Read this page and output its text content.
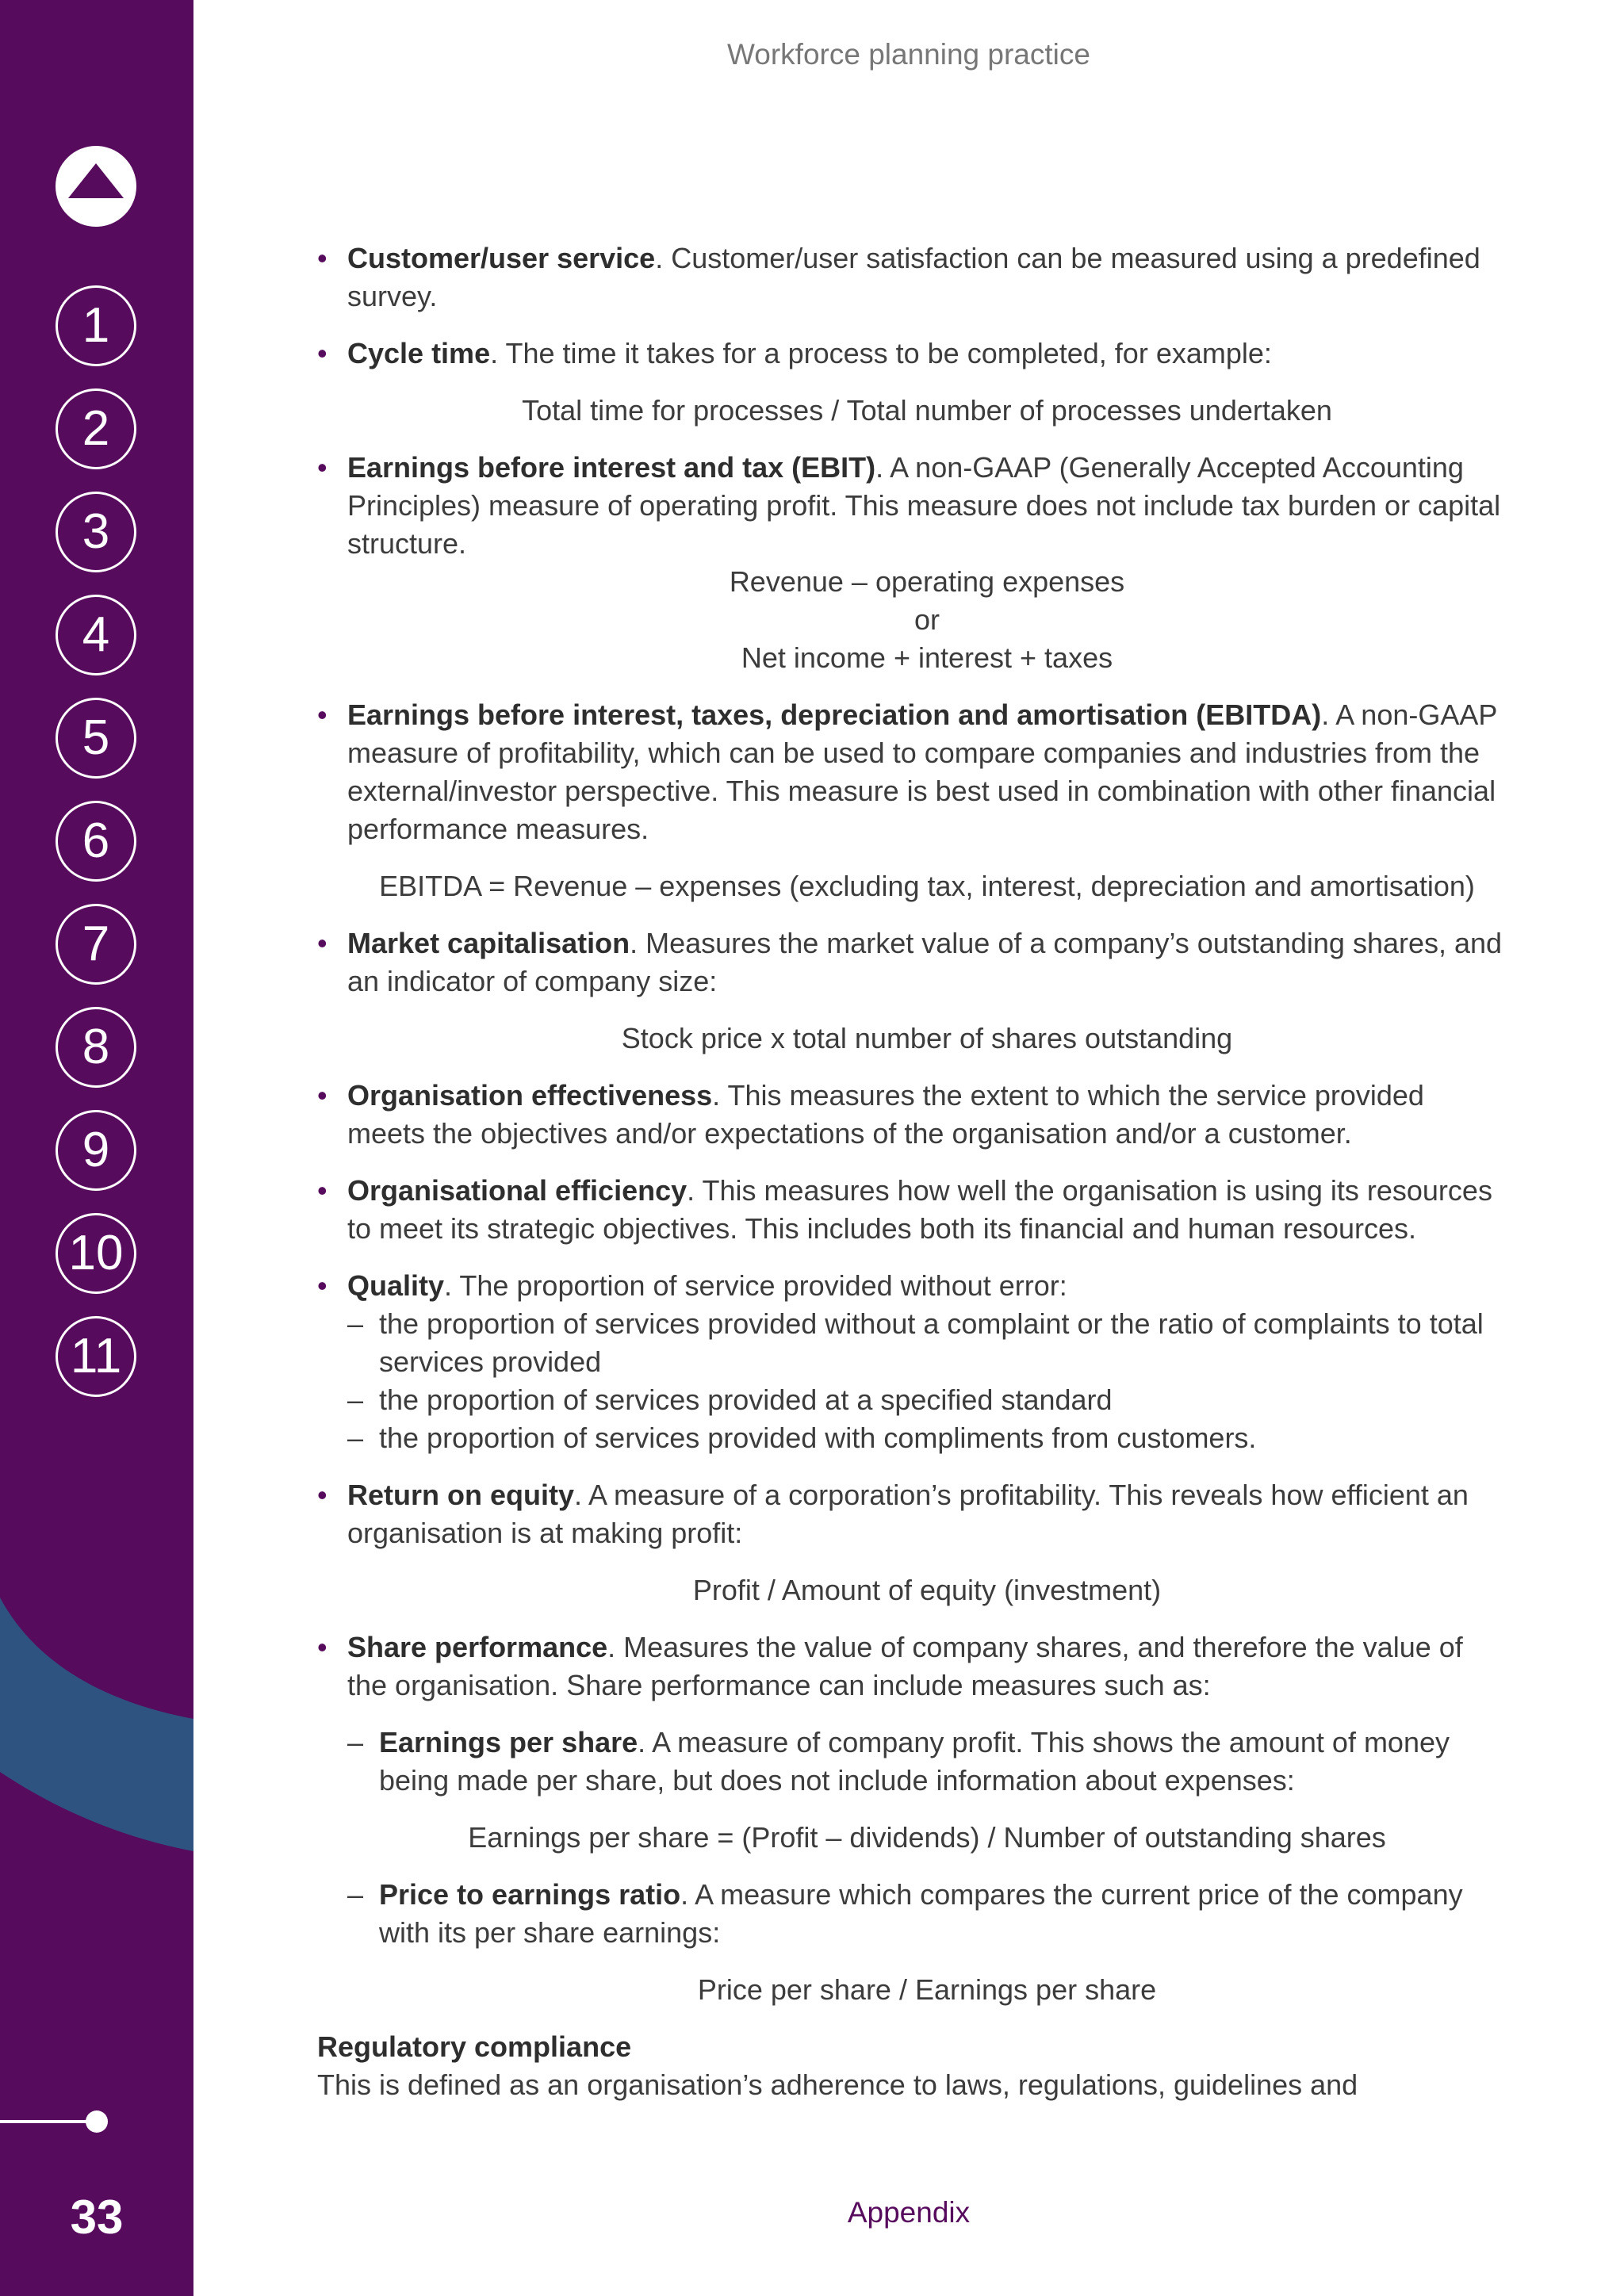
1
2
3
4
5
6
7
8
9
10
11
33
Workforce planning practice
• Customer/user service. Customer/user satisfaction can be measured using a predefined survey.
• Cycle time. The time it takes for a process to be completed, for example:
Total time for processes / Total number of processes undertaken
• Earnings before interest and tax (EBIT). A non-GAAP (Generally Accepted Accounting Principles) measure of operating profit. This measure does not include tax burden or capital structure.
Revenue – operating expenses
or
Net income + interest + taxes
• Earnings before interest, taxes, depreciation and amortisation (EBITDA). A non-GAAP measure of profitability, which can be used to compare companies and industries from the external/investor perspective. This measure is best used in combination with other financial performance measures.
EBITDA = Revenue – expenses (excluding tax, interest, depreciation and amortisation)
• Market capitalisation. Measures the market value of a company’s outstanding shares, and an indicator of company size:
Stock price x total number of shares outstanding
• Organisation effectiveness. This measures the extent to which the service provided meets the objectives and/or expectations of the organisation and/or a customer.
• Organisational efficiency. This measures how well the organisation is using its resources to meet its strategic objectives. This includes both its financial and human resources.
• Quality. The proportion of service provided without error:
– the proportion of services provided without a complaint or the ratio of complaints to total services provided
– the proportion of services provided at a specified standard
– the proportion of services provided with compliments from customers.
• Return on equity. A measure of a corporation’s profitability. This reveals how efficient an organisation is at making profit:
Profit / Amount of equity (investment)
• Share performance. Measures the value of company shares, and therefore the value of the organisation. Share performance can include measures such as:
– Earnings per share. A measure of company profit. This shows the amount of money being made per share, but does not include information about expenses:
Earnings per share = (Profit – dividends) / Number of outstanding shares
– Price to earnings ratio. A measure which compares the current price of the company with its per share earnings:
Price per share / Earnings per share
Regulatory compliance
This is defined as an organisation’s adherence to laws, regulations, guidelines and
Appendix
